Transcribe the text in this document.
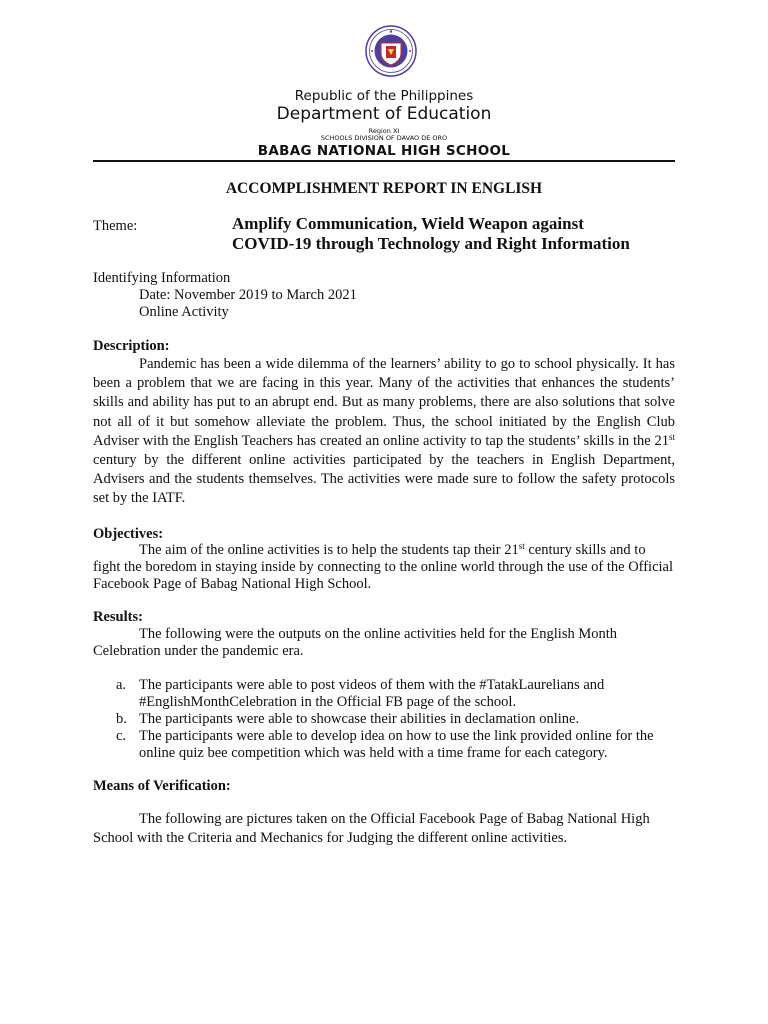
Republic of the Philippines
Department of Education
Region XI
SCHOOLS DIVISION OF DAVAO DE ORO
BABAG NATIONAL HIGH SCHOOL
ACCOMPLISHMENT REPORT IN ENGLISH
Theme:	Amplify Communication, Wield Weapon against
COVID-19 through Technology and Right Information
Identifying Information
Date: November 2019 to March 2021
Online Activity
Description:
Pandemic has been a wide dilemma of the learners’ ability to go to school physically. It has been a problem that we are facing in this year. Many of the activities that enhances the students’ skills and ability has put to an abrupt end. But as many problems, there are also solutions that solve not all of it but somehow alleviate the problem. Thus, the school initiated by the English Club Adviser with the English Teachers has created an online activity to tap the students’ skills in the 21st century by the different online activities participated by the teachers in English Department, Advisers and the students themselves. The activities were made sure to follow the safety protocols set by the IATF.
Objectives:
The aim of the online activities is to help the students tap their 21st century skills and to fight the boredom in staying inside by connecting to the online world through the use of the Official Facebook Page of Babag National High School.
Results:
The following were the outputs on the online activities held for the English Month Celebration under the pandemic era.
a. The participants were able to post videos of them with the #TatakLaurelians and #EnglishMonthCelebration in the Official FB page of the school.
b. The participants were able to showcase their abilities in declamation online.
c. The participants were able to develop idea on how to use the link provided online for the online quiz bee competition which was held with a time frame for each category.
Means of Verification:
The following are pictures taken on the Official Facebook Page of Babag National High School with the Criteria and Mechanics for Judging the different online activities.
